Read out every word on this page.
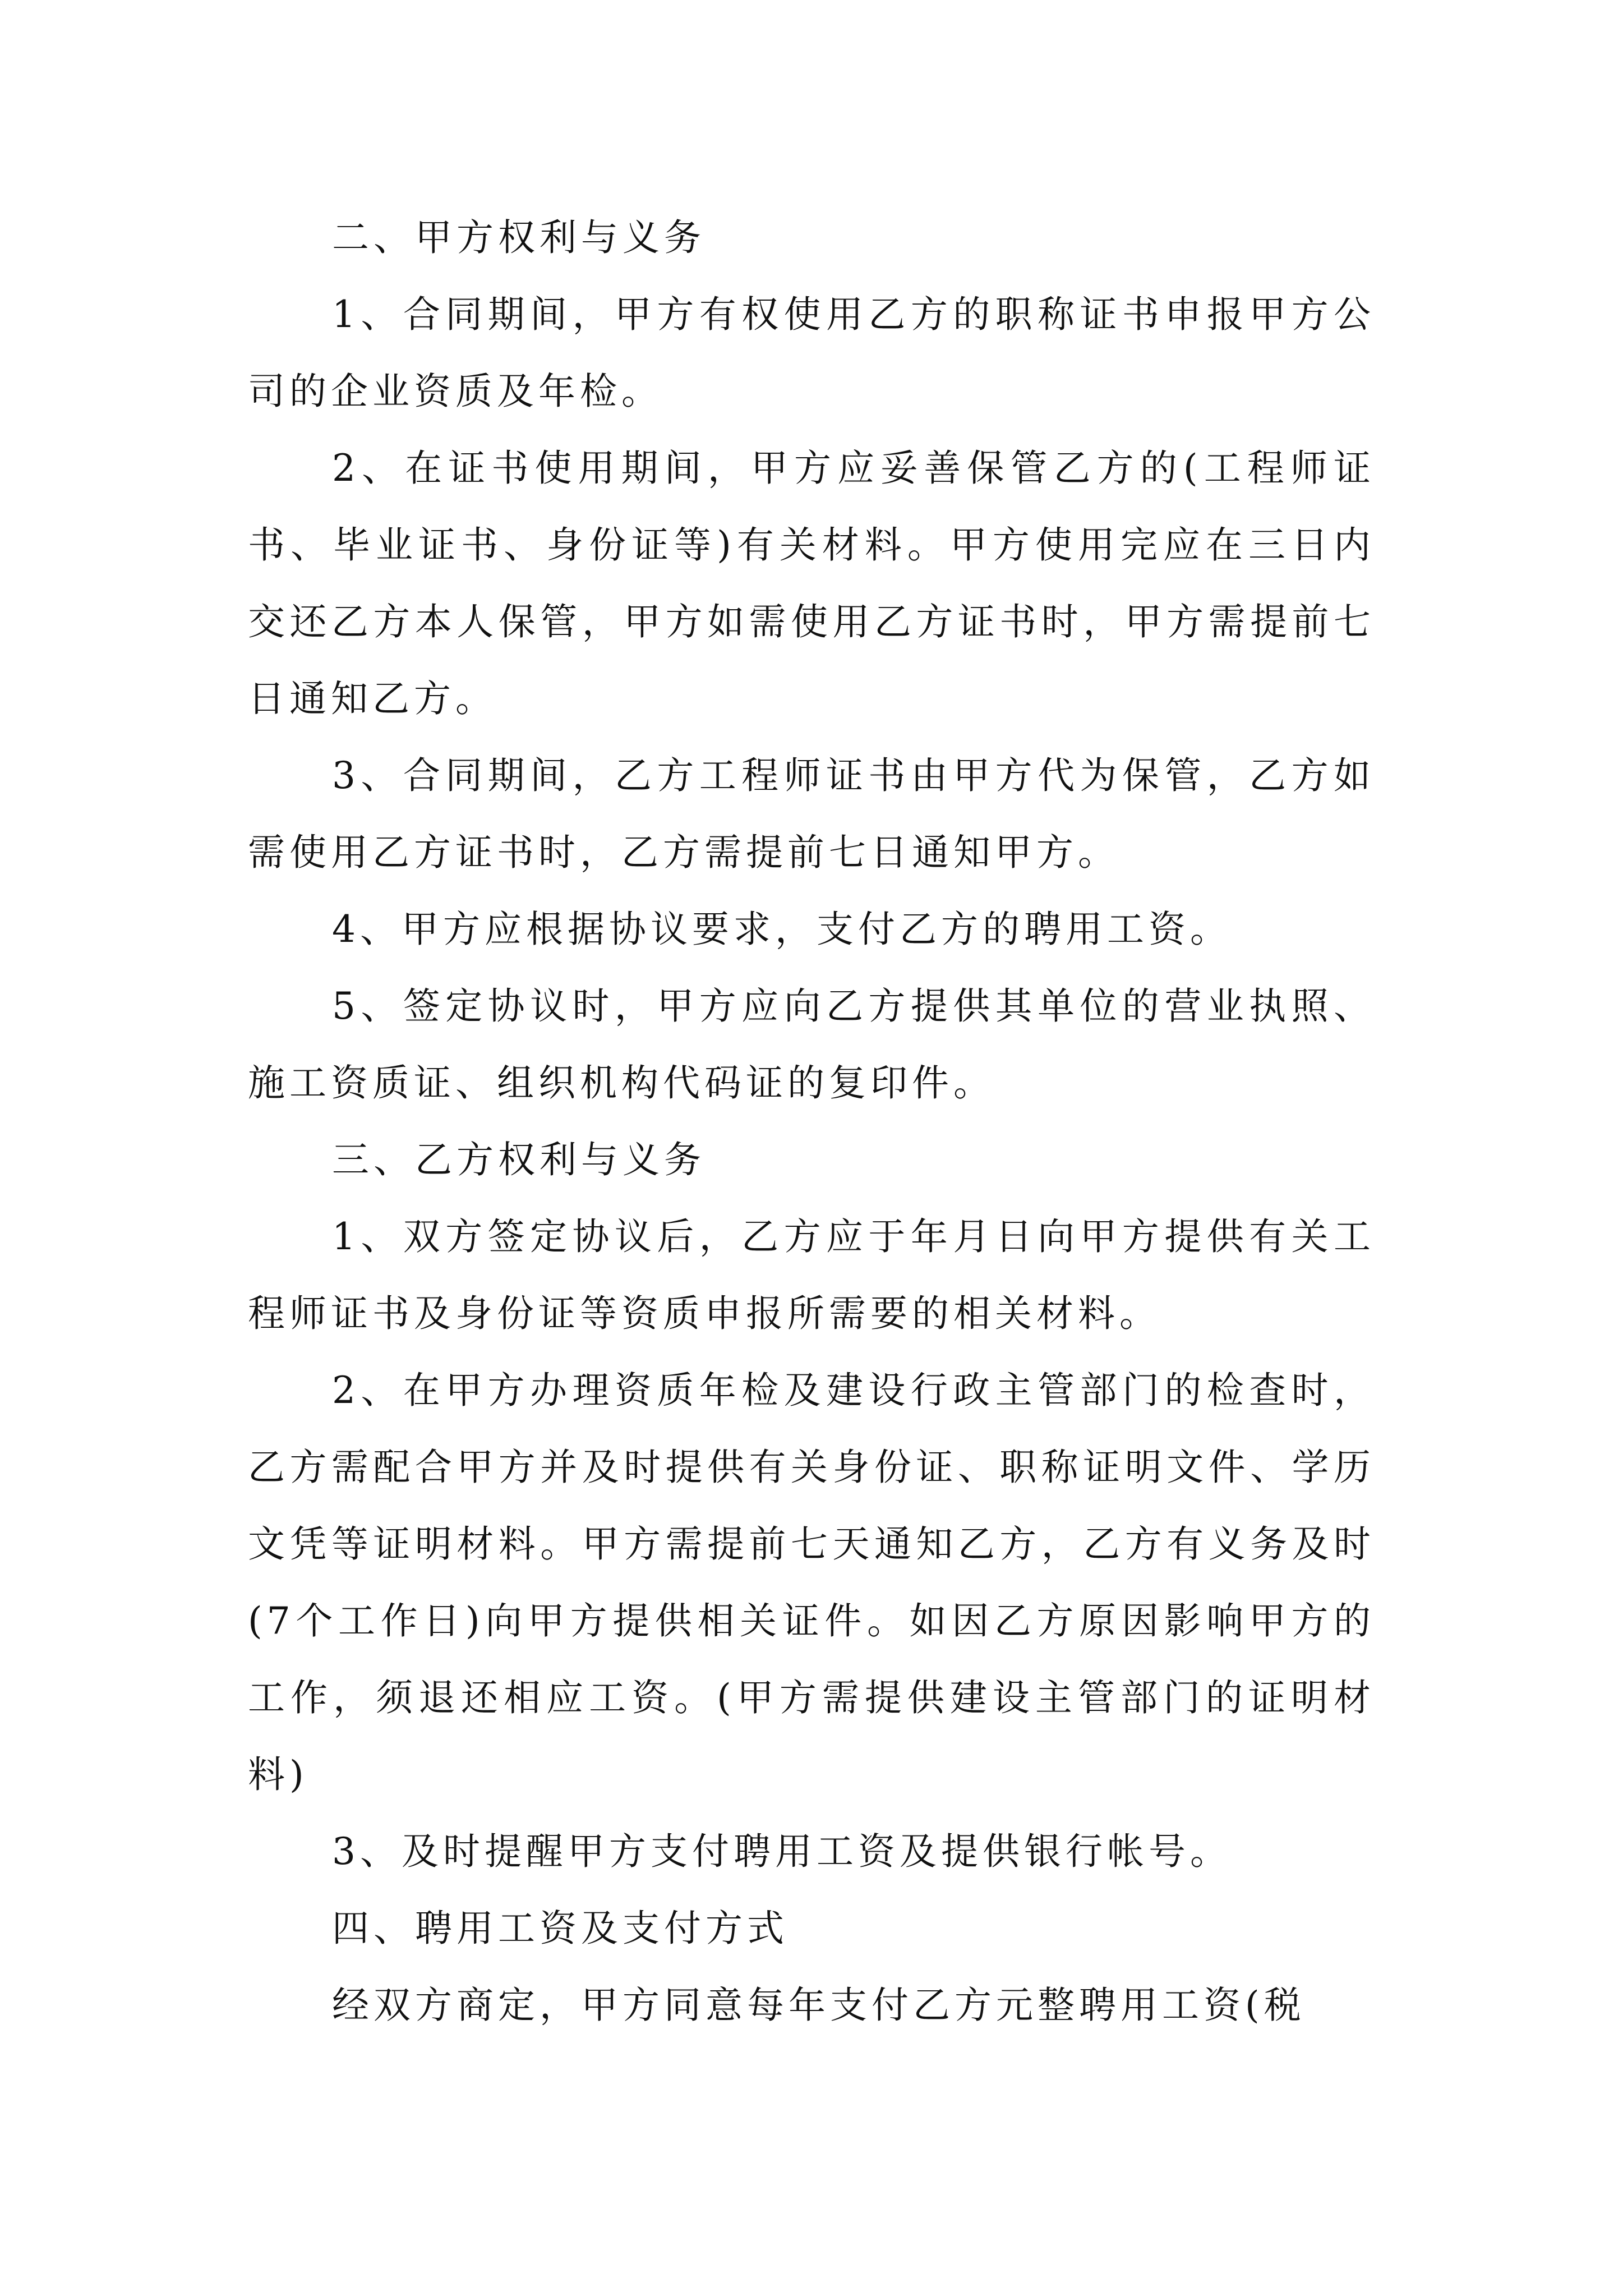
二、甲方权利与义务

1、合同期间，甲方有权使用乙方的职称证书申报甲方公司的企业资质及年检。

2、在证书使用期间，甲方应妥善保管乙方的(工程师证书、毕业证书、身份证等)有关材料。甲方使用完应在三日内交还乙方本人保管，甲方如需使用乙方证书时，甲方需提前七日通知乙方。

3、合同期间，乙方工程师证书由甲方代为保管，乙方如需使用乙方证书时，乙方需提前七日通知甲方。

4、甲方应根据协议要求，支付乙方的聘用工资。

5、签定协议时，甲方应向乙方提供其单位的营业执照、施工资质证、组织机构代码证的复印件。

三、乙方权利与义务

1、双方签定协议后，乙方应于年月日向甲方提供有关工程师证书及身份证等资质申报所需要的相关材料。

2、在甲方办理资质年检及建设行政主管部门的检查时，乙方需配合甲方并及时提供有关身份证、职称证明文件、学历文凭等证明材料。甲方需提前七天通知乙方，乙方有义务及时(7个工作日)向甲方提供相关证件。如因乙方原因影响甲方的工作，须退还相应工资。(甲方需提供建设主管部门的证明材料)

3、及时提醒甲方支付聘用工资及提供银行帐号。

四、聘用工资及支付方式

经双方商定，甲方同意每年支付乙方元整聘用工资(税
